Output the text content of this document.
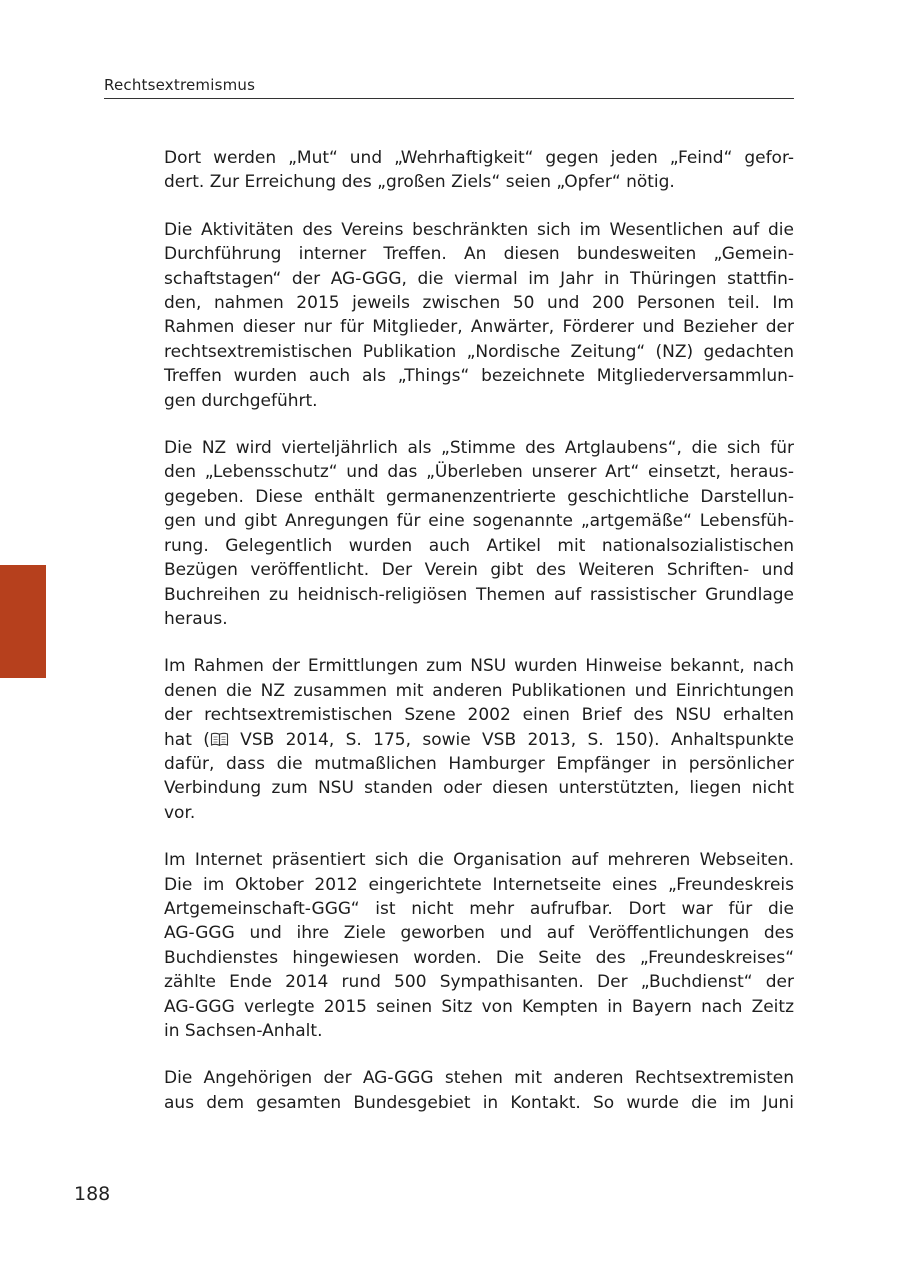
Rechtsextremismus

Dort werden „Mut“ und „Wehrhaftigkeit“ gegen jeden „Feind“ gefor-
dert. Zur Erreichung des „großen Ziels“ seien „Opfer“ nötig.

Die Aktivitäten des Vereins beschränkten sich im Wesentlichen auf die
Durchführung interner Treffen. An diesen bundesweiten „Gemein-
schaftstagen“ der AG-GGG, die viermal im Jahr in Thüringen stattfin-
den, nahmen 2015 jeweils zwischen 50 und 200 Personen teil. Im
Rahmen dieser nur für Mitglieder, Anwärter, Förderer und Bezieher der
rechtsextremistischen Publikation „Nordische Zeitung“ (NZ) gedachten
Treffen wurden auch als „Things“ bezeichnete Mitgliederversammlun-
gen durchgeführt.

Die NZ wird vierteljährlich als „Stimme des Artglaubens“, die sich für
den „Lebensschutz“ und das „Überleben unserer Art“ einsetzt, heraus-
gegeben. Diese enthält germanenzentrierte geschichtliche Darstellun-
gen und gibt Anregungen für eine sogenannte „artgemäße“ Lebensfüh-
rung. Gelegentlich wurden auch Artikel mit nationalsozialistischen
Bezügen veröffentlicht. Der Verein gibt des Weiteren Schriften- und
Buchreihen zu heidnisch-religiösen Themen auf rassistischer Grundlage
heraus.

Im Rahmen der Ermittlungen zum NSU wurden Hinweise bekannt, nach
denen die NZ zusammen mit anderen Publikationen und Einrichtungen
der rechtsextremistischen Szene 2002 einen Brief des NSU erhalten
hat ( VSB 2014, S. 175, sowie VSB 2013, S. 150). Anhaltspunkte
dafür, dass die mutmaßlichen Hamburger Empfänger in persönlicher
Verbindung zum NSU standen oder diesen unterstützten, liegen nicht
vor.

Im Internet präsentiert sich die Organisation auf mehreren Webseiten.
Die im Oktober 2012 eingerichtete Internetseite eines „Freundeskreis
Artgemeinschaft-GGG“ ist nicht mehr aufrufbar. Dort war für die
AG-GGG und ihre Ziele geworben und auf Veröffentlichungen des
Buchdienstes hingewiesen worden. Die Seite des „Freundeskreises“
zählte Ende 2014 rund 500 Sympathisanten. Der „Buchdienst“ der
AG-GGG verlegte 2015 seinen Sitz von Kempten in Bayern nach Zeitz
in Sachsen-Anhalt.

Die Angehörigen der AG-GGG stehen mit anderen Rechtsextremisten
aus dem gesamten Bundesgebiet in Kontakt. So wurde die im Juni

188
